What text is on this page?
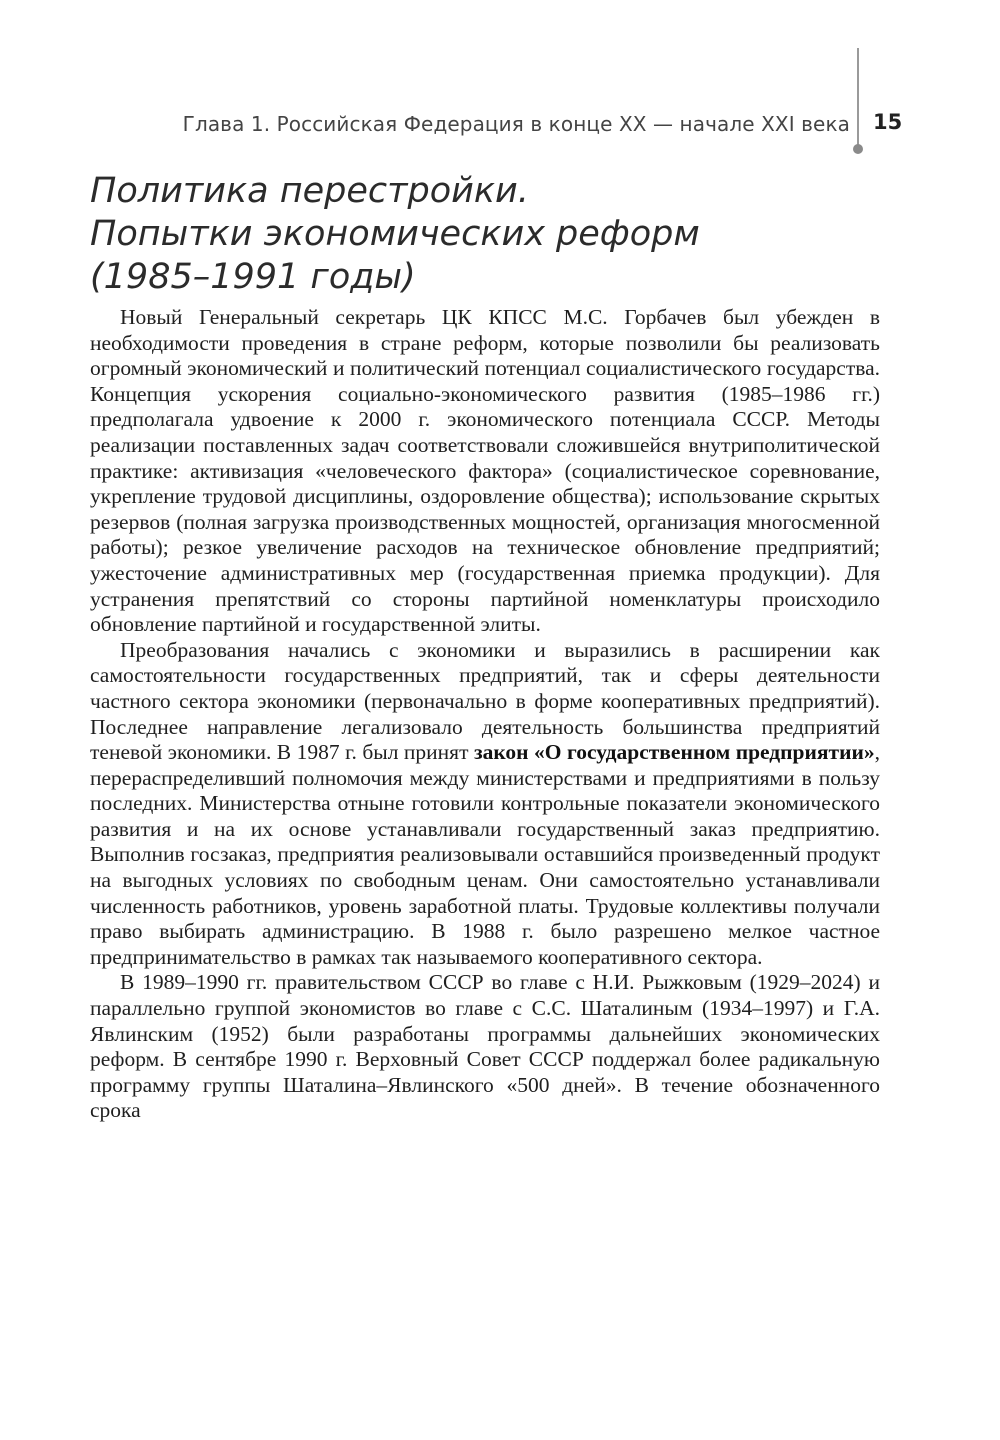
Глава 1. Российская Федерация в конце XX — начале XXI века 15
Политика перестройки.
Попытки экономических реформ
(1985–1991 годы)

Новый Генеральный секретарь ЦК КПСС М.С. Горбачев был убежден в необходимости проведения в стране реформ, которые позволили бы реализовать огромный экономический и политический потенциал социалистического государства. Концепция ускорения социально-экономического развития (1985–1986 гг.) предполагала удвоение к 2000 г. экономического потенциала СССР. Методы реализации поставленных задач соответствовали сложившейся внутриполитической практике: активизация «человеческого фактора» (социалистическое соревнование, укрепление трудовой дисциплины, оздоровление общества); использование скрытых резервов (полная загрузка производственных мощностей, организация многосменной работы); резкое увеличение расходов на техническое обновление предприятий; ужесточение административных мер (государственная приемка продукции). Для устранения препятствий со стороны партийной номенклатуры происходило обновление партийной и государственной элиты.

Преобразования начались с экономики и выразились в расширении как самостоятельности государственных предприятий, так и сферы деятельности частного сектора экономики (первоначально в форме кооперативных предприятий). Последнее направление легализовало деятельность большинства предприятий теневой экономики. В 1987 г. был принят закон «О государственном предприятии», перераспределивший полномочия между министерствами и предприятиями в пользу последних. Министерства отныне готовили контрольные показатели экономического развития и на их основе устанавливали государственный заказ предприятию. Выполнив госзаказ, предприятия реализовывали оставшийся произведенный продукт на выгодных условиях по свободным ценам. Они самостоятельно устанавливали численность работников, уровень заработной платы. Трудовые коллективы получали право выбирать администрацию. В 1988 г. было разрешено мелкое частное предпринимательство в рамках так называемого кооперативного сектора.

В 1989–1990 гг. правительством СССР во главе с Н.И. Рыжковым (1929–2024) и параллельно группой экономистов во главе с С.С. Шаталиным (1934–1997) и Г.А. Явлинским (1952) были разработаны программы дальнейших экономических реформ. В сентябре 1990 г. Верховный Совет СССР поддержал более радикальную программу группы Шаталина–Явлинского «500 дней». В течение обозначенного срока
